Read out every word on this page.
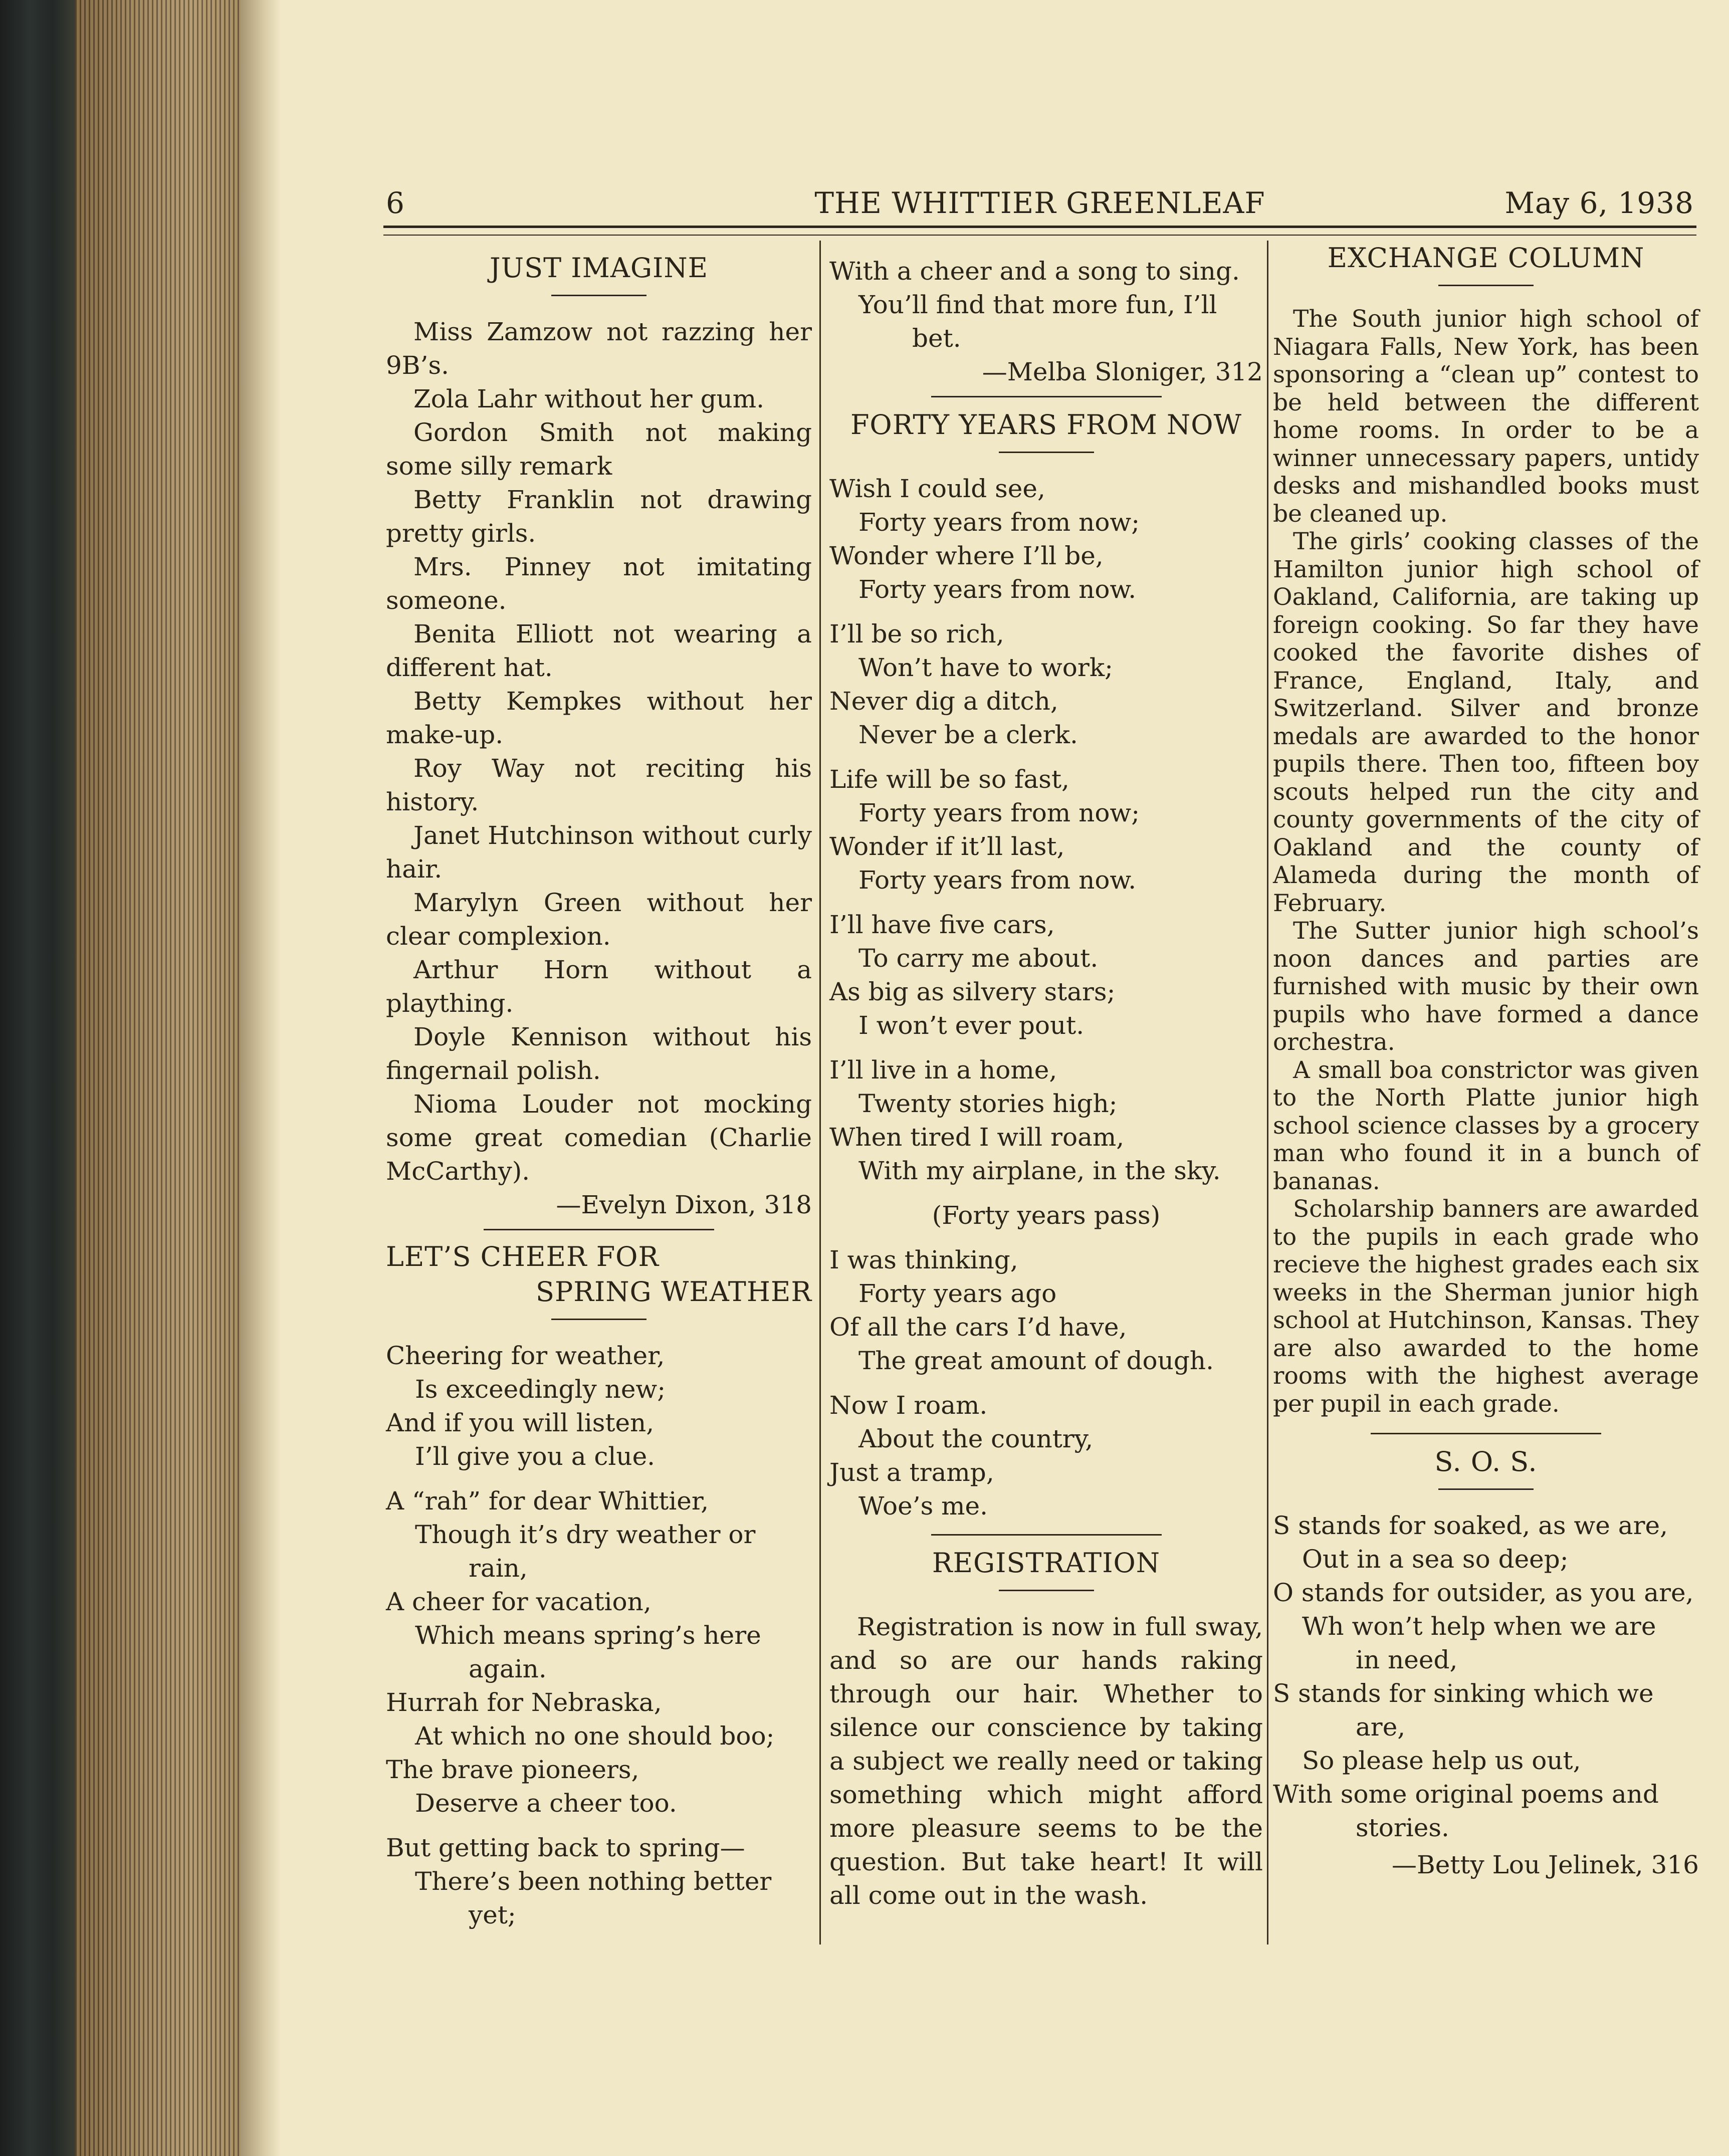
6	THE WHITTIER GREENLEAF	May 6, 1938
JUST IMAGINE

Miss Zamzow not razzing her 9B’s.

Zola Lahr without her gum.

Gordon Smith not making some silly remark

Betty Franklin not drawing pretty girls.

Mrs. Pinney not imitating someone.

Benita Elliott not wearing a different hat.

Betty Kempkes without her make-up.

Roy Way not reciting his history.

Janet Hutchinson without curly hair.

Marylyn Green without her clear complexion.

Arthur Horn without a plaything.

Doyle Kennison without his fingernail polish.

Nioma Louder not mocking some great comedian (Charlie McCarthy).

—Evelyn Dixon, 318

LET’S CHEER FOR

SPRING WEATHER

Cheering for weather,

Is exceedingly new;

And if you will listen,

I’ll give you a clue.

A “rah” for dear Whittier,

Though it’s dry weather or

rain,

A cheer for vacation,

Which means spring’s here

again.

Hurrah for Nebraska,

At which no one should boo;

The brave pioneers,

Deserve a cheer too.

But getting back to spring—

There’s been nothing better

yet;

With a cheer and a song to sing.

You’ll find that more fun, I’ll

bet.

—Melba Sloniger, 312

FORTY YEARS FROM NOW

Wish I could see,

Forty years from now;

Wonder where I’ll be,

Forty years from now.

I’ll be so rich,

Won’t have to work;

Never dig a ditch,

Never be a clerk.

Life will be so fast,

Forty years from now;

Wonder if it’ll last,

Forty years from now.

I’ll have five cars,

To carry me about.

As big as silvery stars;

I won’t ever pout.

I’ll live in a home,

Twenty stories high;

When tired I will roam,

With my airplane, in the sky.

(Forty years pass)

I was thinking,

Forty years ago

Of all the cars I’d have,

The great amount of dough.

Now I roam.

About the country,

Just a tramp,

Woe’s me.

REGISTRATION

Registration is now in full sway, and so are our hands raking through our hair. Whether to silence our conscience by taking a subject we really need or taking something which might afford more pleasure seems to be the question. But take heart! It will all come out in the wash.

EXCHANGE COLUMN

The South junior high school of Niagara Falls, New York, has been sponsoring a “clean up” contest to be held between the different home rooms. In order to be a winner unnecessary papers, untidy desks and mishandled books must be cleaned up.

The girls’ cooking classes of the Hamilton junior high school of Oakland, California, are taking up foreign cooking. So far they have cooked the favorite dishes of France, England, Italy, and Switzerland. Silver and bronze medals are awarded to the honor pupils there. Then too, fifteen boy scouts helped run the city and county governments of the city of Oakland and the county of Alameda during the month of February.

The Sutter junior high school’s noon dances and parties are furnished with music by their own pupils who have formed a dance orchestra.

A small boa constrictor was given to the North Platte junior high school science classes by a grocery man who found it in a bunch of bananas.

Scholarship banners are awarded to the pupils in each grade who recieve the highest grades each six weeks in the Sherman junior high school at Hutchinson, Kansas. They are also awarded to the home rooms with the highest average per pupil in each grade.

S. O. S.

S stands for soaked, as we are,

Out in a sea so deep;

O stands for outsider, as you are,

Wh won’t help when we are

in need,

S stands for sinking which we

are,

So please help us out,

With some original poems and

stories.

—Betty Lou Jelinek, 316
